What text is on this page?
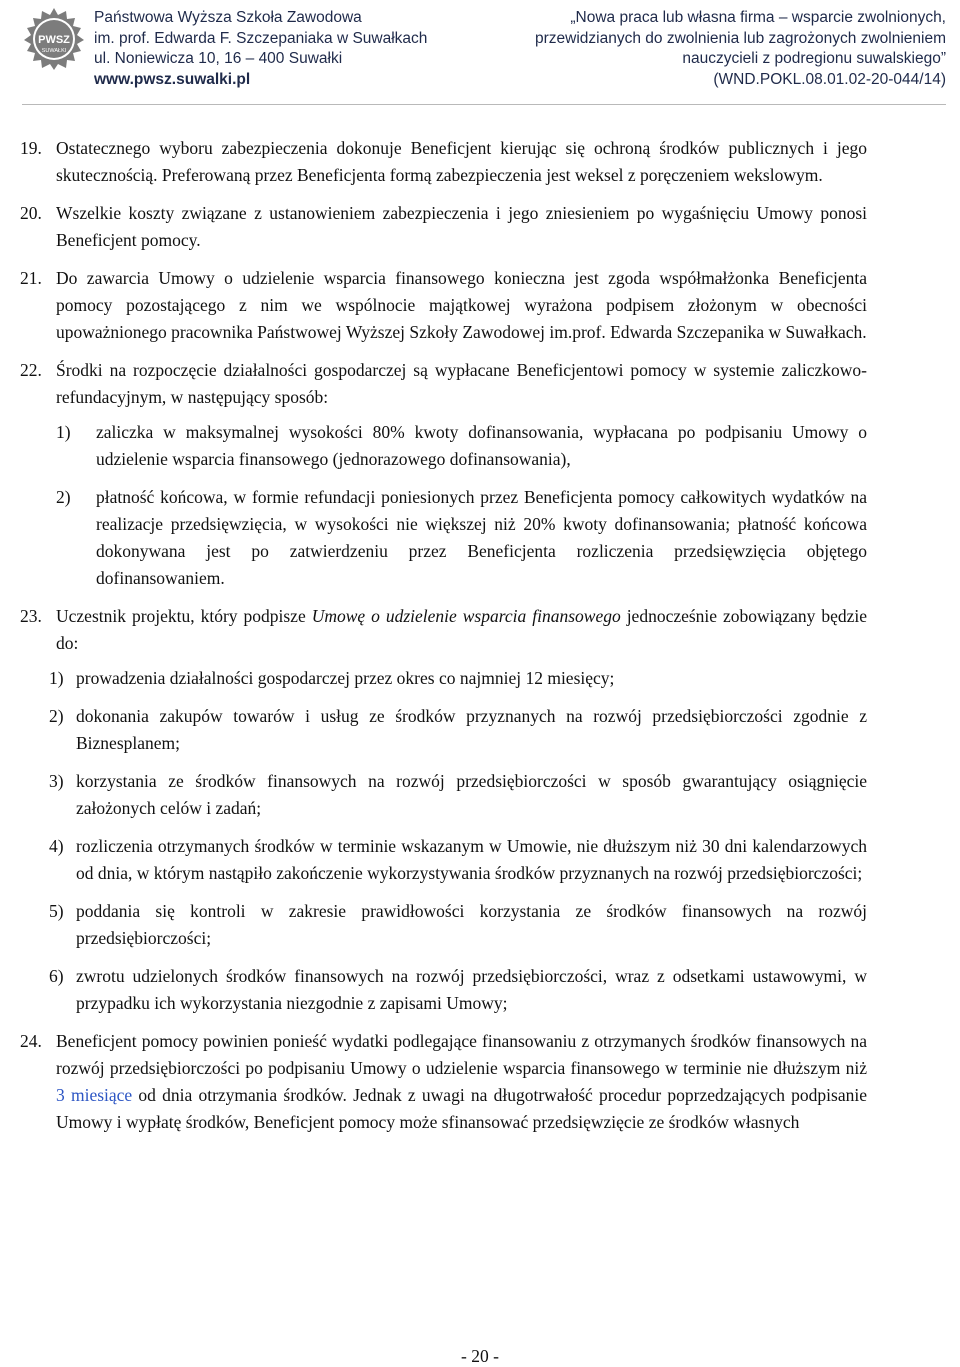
PWSZ
SUWAŁKI
Państwowa Wyższa Szkoła Zawodowa
im. prof. Edwarda F. Szczepaniaka w Suwałkach
ul. Noniewicza 10, 16 – 400 Suwałki
www.pwsz.suwalki.pl
„Nowa praca lub własna firma – wsparcie zwolnionych,
przewidzianych do zwolnienia lub zagrożonych zwolnieniem
nauczycieli z podregionu suwalskiego”
(WND.POKL.08.01.02-20-044/14)
19. Ostatecznego wyboru zabezpieczenia dokonuje Beneficjent kierując się ochroną środków publicznych i jego skutecznością. Preferowaną przez Beneficjenta formą zabezpieczenia jest weksel z poręczeniem wekslowym.
20. Wszelkie koszty związane z ustanowieniem zabezpieczenia i jego zniesieniem po wygaśnięciu Umowy ponosi Beneficjent pomocy.
21. Do zawarcia Umowy o udzielenie wsparcia finansowego konieczna jest zgoda współmałżonka Beneficjenta pomocy pozostającego z nim we wspólnocie majątkowej wyrażona podpisem złożonym w obecności upoważnionego pracownika Państwowej Wyższej Szkoły Zawodowej im.prof. Edwarda Szczepanika w Suwałkach.
22. Środki na rozpoczęcie działalności gospodarczej są wypłacane Beneficjentowi pomocy w systemie zaliczkowo-refundacyjnym, w następujący sposób:
1) zaliczka w maksymalnej wysokości 80% kwoty dofinansowania, wypłacana po podpisaniu Umowy o udzielenie wsparcia finansowego (jednorazowego dofinansowania),
2) płatność końcowa, w formie refundacji poniesionych przez Beneficjenta pomocy całkowitych wydatków na realizacje przedsięwzięcia, w wysokości nie większej niż 20% kwoty dofinansowania; płatność końcowa dokonywana jest po zatwierdzeniu przez Beneficjenta rozliczenia przedsięwzięcia objętego dofinansowaniem.
23. Uczestnik projektu, który podpisze Umowę o udzielenie wsparcia finansowego jednocześnie zobowiązany będzie do:
1) prowadzenia działalności gospodarczej przez okres co najmniej 12 miesięcy;
2) dokonania zakupów towarów i usług ze środków przyznanych na rozwój przedsiębiorczości zgodnie z Biznesplanem;
3) korzystania ze środków finansowych na rozwój przedsiębiorczości w sposób gwarantujący osiągnięcie założonych celów i zadań;
4) rozliczenia otrzymanych środków w terminie wskazanym w Umowie, nie dłuższym niż 30 dni kalendarzowych od dnia, w którym nastąpiło zakończenie wykorzystywania środków przyznanych na rozwój przedsiębiorczości;
5) poddania się kontroli w zakresie prawidłowości korzystania ze środków finansowych na rozwój przedsiębiorczości;
6) zwrotu udzielonych środków finansowych na rozwój przedsiębiorczości, wraz z odsetkami ustawowymi, w przypadku ich wykorzystania niezgodnie z zapisami Umowy;
24. Beneficjent pomocy powinien ponieść wydatki podlegające finansowaniu z otrzymanych środków finansowych na rozwój przedsiębiorczości po podpisaniu Umowy o udzielenie wsparcia finansowego w terminie nie dłuższym niż 3 miesiące od dnia otrzymania środków. Jednak z uwagi na długotrwałość procedur poprzedzających podpisanie Umowy i wypłatę środków, Beneficjent pomocy może sfinansować przedsięwzięcie ze środków własnych
- 20 -
